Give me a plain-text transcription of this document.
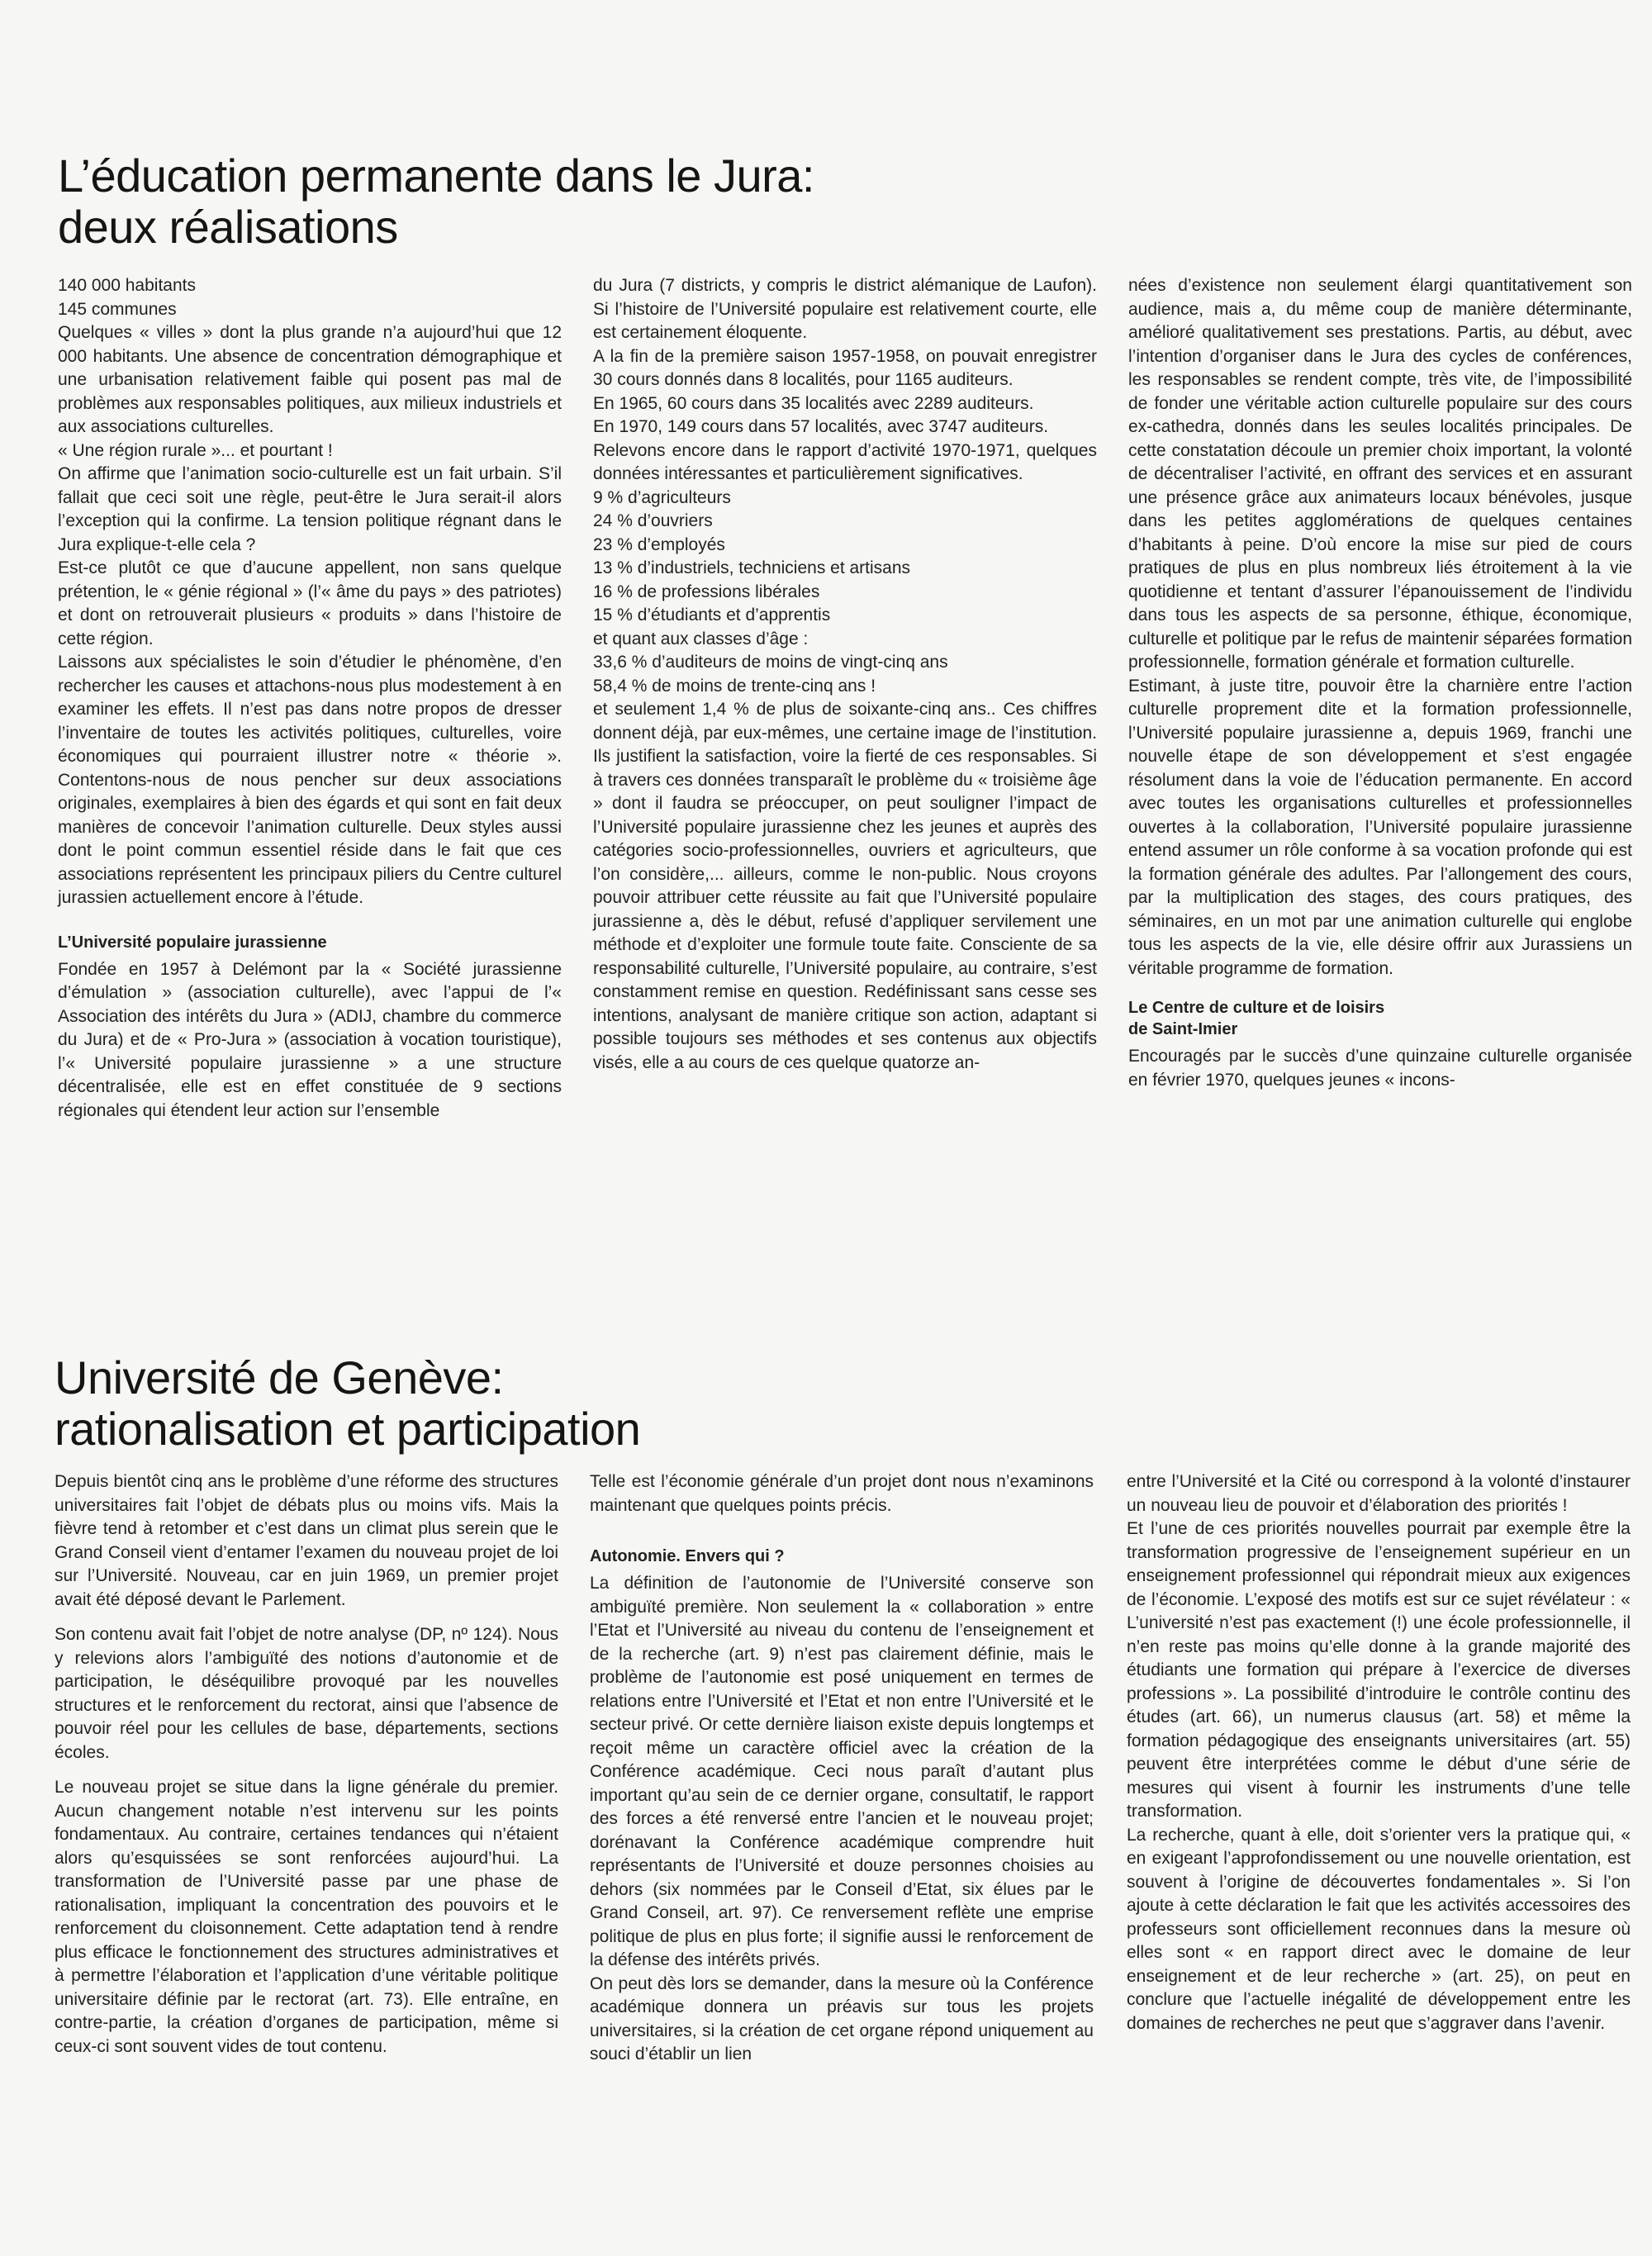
L’éducation permanente dans le Jura:
deux réalisations
140 000 habitants
145 communes

Quelques « villes » dont la plus grande n’a aujourd’hui que 12 000 habitants. Une absence de concentration démographique et une urbanisation relativement faible qui posent pas mal de problèmes aux responsables politiques, aux milieux industriels et aux associations culturelles.

« Une région rurale »... et pourtant !

On affirme que l’animation socio-culturelle est un fait urbain. S’il fallait que ceci soit une règle, peut-être le Jura serait-il alors l’exception qui la confirme. La tension politique régnant dans le Jura explique-t-elle cela ?

Est-ce plutôt ce que d’aucune appellent, non sans quelque prétention, le « génie régional » (l’« âme du pays » des patriotes) et dont on retrouverait plusieurs « produits » dans l’histoire de cette région.

Laissons aux spécialistes le soin d’étudier le phénomène, d’en rechercher les causes et attachons-nous plus modestement à en examiner les effets. Il n’est pas dans notre propos de dresser l’inventaire de toutes les activités politiques, culturelles, voire économiques qui pourraient illustrer notre « théorie ». Contentons-nous de nous pencher sur deux associations originales, exemplaires à bien des égards et qui sont en fait deux manières de concevoir l’animation culturelle. Deux styles aussi dont le point commun essentiel réside dans le fait que ces associations représentent les principaux piliers du Centre culturel jurassien actuellement encore à l’étude.

L’Université populaire jurassienne

Fondée en 1957 à Delémont par la « Société jurassienne d’émulation » (association culturelle), avec l’appui de l’« Association des intérêts du Jura » (ADIJ, chambre du commerce du Jura) et de « Pro-Jura » (association à vocation touristique), l’« Université populaire jurassienne » a une structure décentralisée, elle est en effet constituée de 9 sections régionales qui étendent leur action sur l’ensemble

du Jura (7 districts, y compris le district alémanique de Laufon). Si l’histoire de l’Université populaire est relativement courte, elle est certainement éloquente.

A la fin de la première saison 1957-1958, on pouvait enregistrer 30 cours donnés dans 8 localités, pour 1165 auditeurs.

En 1965, 60 cours dans 35 localités avec 2289 auditeurs.

En 1970, 149 cours dans 57 localités, avec 3747 auditeurs.

Relevons encore dans le rapport d’activité 1970-1971, quelques données intéressantes et particulièrement significatives.

9 % d’agriculteurs
24 % d’ouvriers
23 % d’employés
13 % d’industriels, techniciens et artisans
16 % de professions libérales
15 % d’étudiants et d’apprentis
et quant aux classes d’âge :
33,6 % d’auditeurs de moins de vingt-cinq ans
58,4 % de moins de trente-cinq ans !

et seulement 1,4 % de plus de soixante-cinq ans.. Ces chiffres donnent déjà, par eux-mêmes, une certaine image de l’institution. Ils justifient la satisfaction, voire la fierté de ces responsables. Si à travers ces données transparaît le problème du « troisième âge » dont il faudra se préoccuper, on peut souligner l’impact de l’Université populaire jurassienne chez les jeunes et auprès des catégories socio-professionnelles, ouvriers et agriculteurs, que l’on considère,... ailleurs, comme le non-public. Nous croyons pouvoir attribuer cette réussite au fait que l’Université populaire jurassienne a, dès le début, refusé d’appliquer servilement une méthode et d’exploiter une formule toute faite. Consciente de sa responsabilité culturelle, l’Université populaire, au contraire, s’est constamment remise en question. Redéfinissant sans cesse ses intentions, analysant de manière critique son action, adaptant si possible toujours ses méthodes et ses contenus aux objectifs visés, elle a au cours de ces quelque quatorze an-

nées d’existence non seulement élargi quantitativement son audience, mais a, du même coup de manière déterminante, amélioré qualitativement ses prestations. Partis, au début, avec l’intention d’organiser dans le Jura des cycles de conférences, les responsables se rendent compte, très vite, de l’impossibilité de fonder une véritable action culturelle populaire sur des cours ex-cathedra, donnés dans les seules localités principales. De cette constatation découle un premier choix important, la volonté de décentraliser l’activité, en offrant des services et en assurant une présence grâce aux animateurs locaux bénévoles, jusque dans les petites agglomérations de quelques centaines d’habitants à peine. D’où encore la mise sur pied de cours pratiques de plus en plus nombreux liés étroitement à la vie quotidienne et tentant d’assurer l’épanouissement de l’individu dans tous les aspects de sa personne, éthique, économique, culturelle et politique par le refus de maintenir séparées formation professionnelle, formation générale et formation culturelle.

Estimant, à juste titre, pouvoir être la charnière entre l’action culturelle proprement dite et la formation professionnelle, l’Université populaire jurassienne a, depuis 1969, franchi une nouvelle étape de son développement et s’est engagée résolument dans la voie de l’éducation permanente. En accord avec toutes les organisations culturelles et professionnelles ouvertes à la collaboration, l’Université populaire jurassienne entend assumer un rôle conforme à sa vocation profonde qui est la formation générale des adultes. Par l’allongement des cours, par la multiplication des stages, des cours pratiques, des séminaires, en un mot par une animation culturelle qui englobe tous les aspects de la vie, elle désire offrir aux Jurassiens un véritable programme de formation.

Le Centre de culture et de loisirs
de Saint-Imier

Encouragés par le succès d’une quinzaine culturelle organisée en février 1970, quelques jeunes « incons-

Université de Genève:
rationalisation et participation

Depuis bientôt cinq ans le problème d’une réforme des structures universitaires fait l’objet de débats plus ou moins vifs. Mais la fièvre tend à retomber et c’est dans un climat plus serein que le Grand Conseil vient d’entamer l’examen du nouveau projet de loi sur l’Université. Nouveau, car en juin 1969, un premier projet avait été déposé devant le Parlement.

Son contenu avait fait l’objet de notre analyse (DP, nº 124). Nous y relevions alors l’ambiguïté des notions d’autonomie et de participation, le déséquilibre provoqué par les nouvelles structures et le renforcement du rectorat, ainsi que l’absence de pouvoir réel pour les cellules de base, départements, sections écoles.

Le nouveau projet se situe dans la ligne générale du premier. Aucun changement notable n’est intervenu sur les points fondamentaux. Au contraire, certaines tendances qui n’étaient alors qu’esquissées se sont renforcées aujourd’hui. La transformation de l’Université passe par une phase de rationalisation, impliquant la concentration des pouvoirs et le renforcement du cloisonnement. Cette adaptation tend à rendre plus efficace le fonctionnement des structures administratives et à permettre l’élaboration et l’application d’une véritable politique universitaire définie par le rectorat (art. 73). Elle entraîne, en contre-partie, la création d’organes de participation, même si ceux-ci sont souvent vides de tout contenu.

Telle est l’économie générale d’un projet dont nous n’examinons maintenant que quelques points précis.

Autonomie. Envers qui ?

La définition de l’autonomie de l’Université conserve son ambiguïté première. Non seulement la « collaboration » entre l’Etat et l’Université au niveau du contenu de l’enseignement et de la recherche (art. 9) n’est pas clairement définie, mais le problème de l’autonomie est posé uniquement en termes de relations entre l’Université et l’Etat et non entre l’Université et le secteur privé. Or cette dernière liaison existe depuis longtemps et reçoit même un caractère officiel avec la création de la Conférence académique. Ceci nous paraît d’autant plus important qu’au sein de ce dernier organe, consultatif, le rapport des forces a été renversé entre l’ancien et le nouveau projet; dorénavant la Conférence académique comprendre huit représentants de l’Université et douze personnes choisies au dehors (six nommées par le Conseil d’Etat, six élues par le Grand Conseil, art. 97). Ce renversement reflète une emprise politique de plus en plus forte; il signifie aussi le renforcement de la défense des intérêts privés.

On peut dès lors se demander, dans la mesure où la Conférence académique donnera un préavis sur tous les projets universitaires, si la création de cet organe répond uniquement au souci d’établir un lien

entre l’Université et la Cité ou correspond à la volonté d’instaurer un nouveau lieu de pouvoir et d’élaboration des priorités !

Et l’une de ces priorités nouvelles pourrait par exemple être la transformation progressive de l’enseignement supérieur en un enseignement professionnel qui répondrait mieux aux exigences de l’économie. L’exposé des motifs est sur ce sujet révélateur : « L’université n’est pas exactement (!) une école professionnelle, il n’en reste pas moins qu’elle donne à la grande majorité des étudiants une formation qui prépare à l’exercice de diverses professions ». La possibilité d’introduire le contrôle continu des études (art. 66), un numerus clausus (art. 58) et même la formation pédagogique des enseignants universitaires (art. 55) peuvent être interprétées comme le début d’une série de mesures qui visent à fournir les instruments d’une telle transformation.

La recherche, quant à elle, doit s’orienter vers la pratique qui, « en exigeant l’approfondissement ou une nouvelle orientation, est souvent à l’origine de découvertes fondamentales ». Si l’on ajoute à cette déclaration le fait que les activités accessoires des professeurs sont officiellement reconnues dans la mesure où elles sont « en rapport direct avec le domaine de leur enseignement et de leur recherche » (art. 25), on peut en conclure que l’actuelle inégalité de développement entre les domaines de recherches ne peut que s’aggraver dans l’avenir.
